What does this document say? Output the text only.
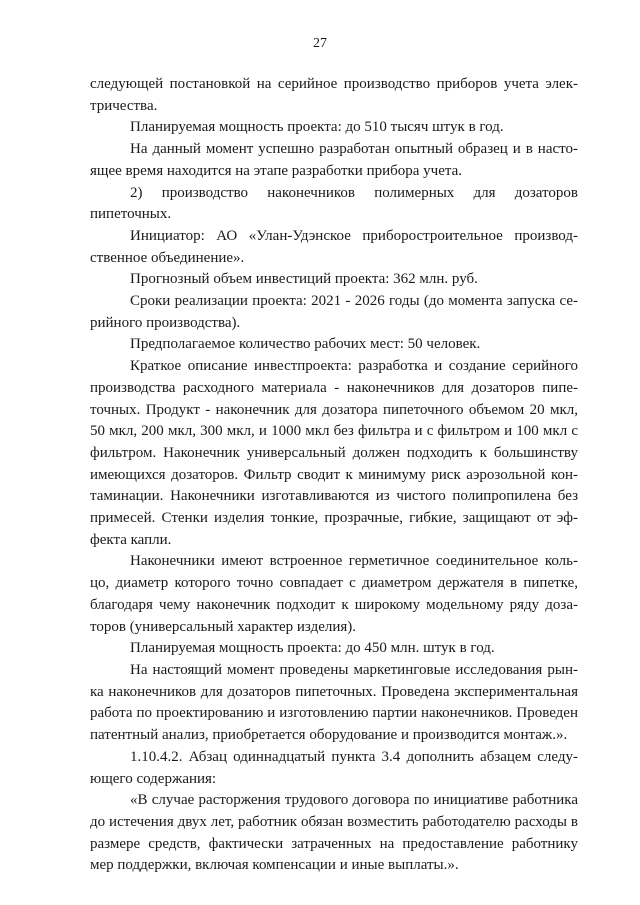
27

следующей постановкой на серийное производство приборов учета электричества.

Планируемая мощность проекта: до 510 тысяч штук в год.

На данный момент успешно разработан опытный образец и в настоящее время находится на этапе разработки прибора учета.

2) производство наконечников полимерных для дозаторов пипеточных.

Инициатор: АО «Улан-Удэнское приборостроительное производственное объединение».

Прогнозный объем инвестиций проекта: 362 млн. руб.

Сроки реализации проекта: 2021 - 2026 годы (до момента запуска серийного производства).

Предполагаемое количество рабочих мест: 50 человек.

Краткое описание инвестпроекта: разработка и создание серийного производства расходного материала - наконечников для дозаторов пипеточных. Продукт - наконечник для дозатора пипеточного объемом 20 мкл, 50 мкл, 200 мкл, 300 мкл, и 1000 мкл без фильтра и с фильтром и 100 мкл с фильтром. Наконечник универсальный должен подходить к большинству имеющихся дозаторов. Фильтр сводит к минимуму риск аэрозольной контаминации. Наконечники изготавливаются из чистого полипропилена без примесей. Стенки изделия тонкие, прозрачные, гибкие, защищают от эффекта капли.

Наконечники имеют встроенное герметичное соединительное кольцо, диаметр которого точно совпадает с диаметром держателя в пипетке, благодаря чему наконечник подходит к широкому модельному ряду дозаторов (универсальный характер изделия).

Планируемая мощность проекта: до 450 млн. штук в год.

На настоящий момент проведены маркетинговые исследования рынка наконечников для дозаторов пипеточных. Проведена экспериментальная работа по проектированию и изготовлению партии наконечников. Проведен патентный анализ, приобретается оборудование и производится монтаж.».

1.10.4.2. Абзац одиннадцатый пункта 3.4 дополнить абзацем следующего содержания:

«В случае расторжения трудового договора по инициативе работника до истечения двух лет, работник обязан возместить работодателю расходы в размере средств, фактически затраченных на предоставление работнику мер поддержки, включая компенсации и иные выплаты.».
